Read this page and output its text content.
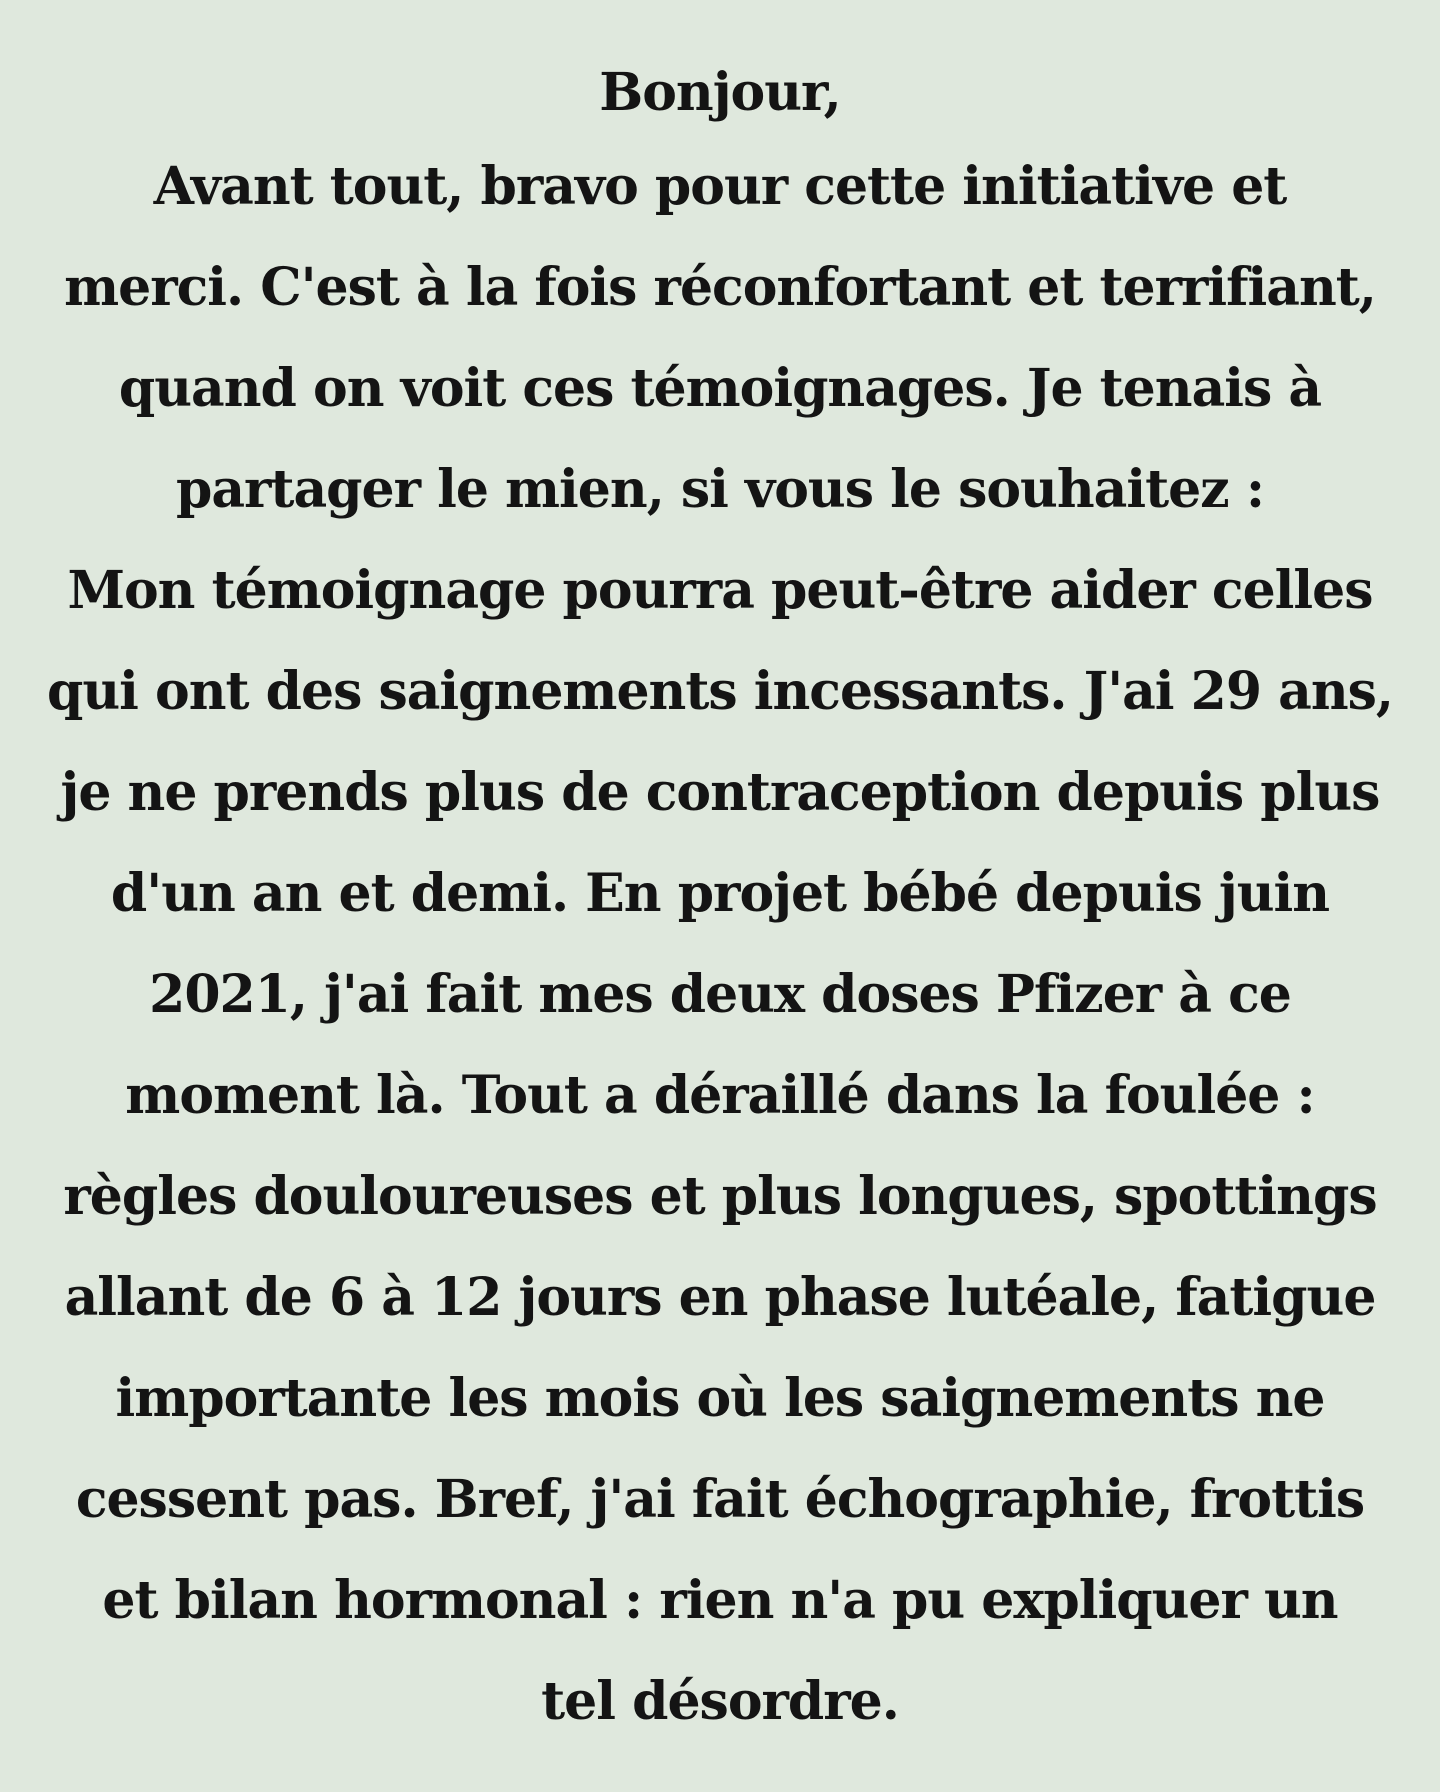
Bonjour,
Avant tout, bravo pour cette initiative et
merci. C'est à la fois réconfortant et terrifiant,
quand on voit ces témoignages. Je tenais à
partager le mien, si vous le souhaitez :
Mon témoignage pourra peut-être aider celles
qui ont des saignements incessants. J'ai 29 ans,
je ne prends plus de contraception depuis plus
d'un an et demi. En projet bébé depuis juin
2021, j'ai fait mes deux doses Pfizer à ce
moment là. Tout a déraillé dans la foulée :
règles douloureuses et plus longues, spottings
allant de 6 à 12 jours en phase lutéale, fatigue
importante les mois où les saignements ne
cessent pas. Bref, j'ai fait échographie, frottis
et bilan hormonal : rien n'a pu expliquer un
tel désordre.
